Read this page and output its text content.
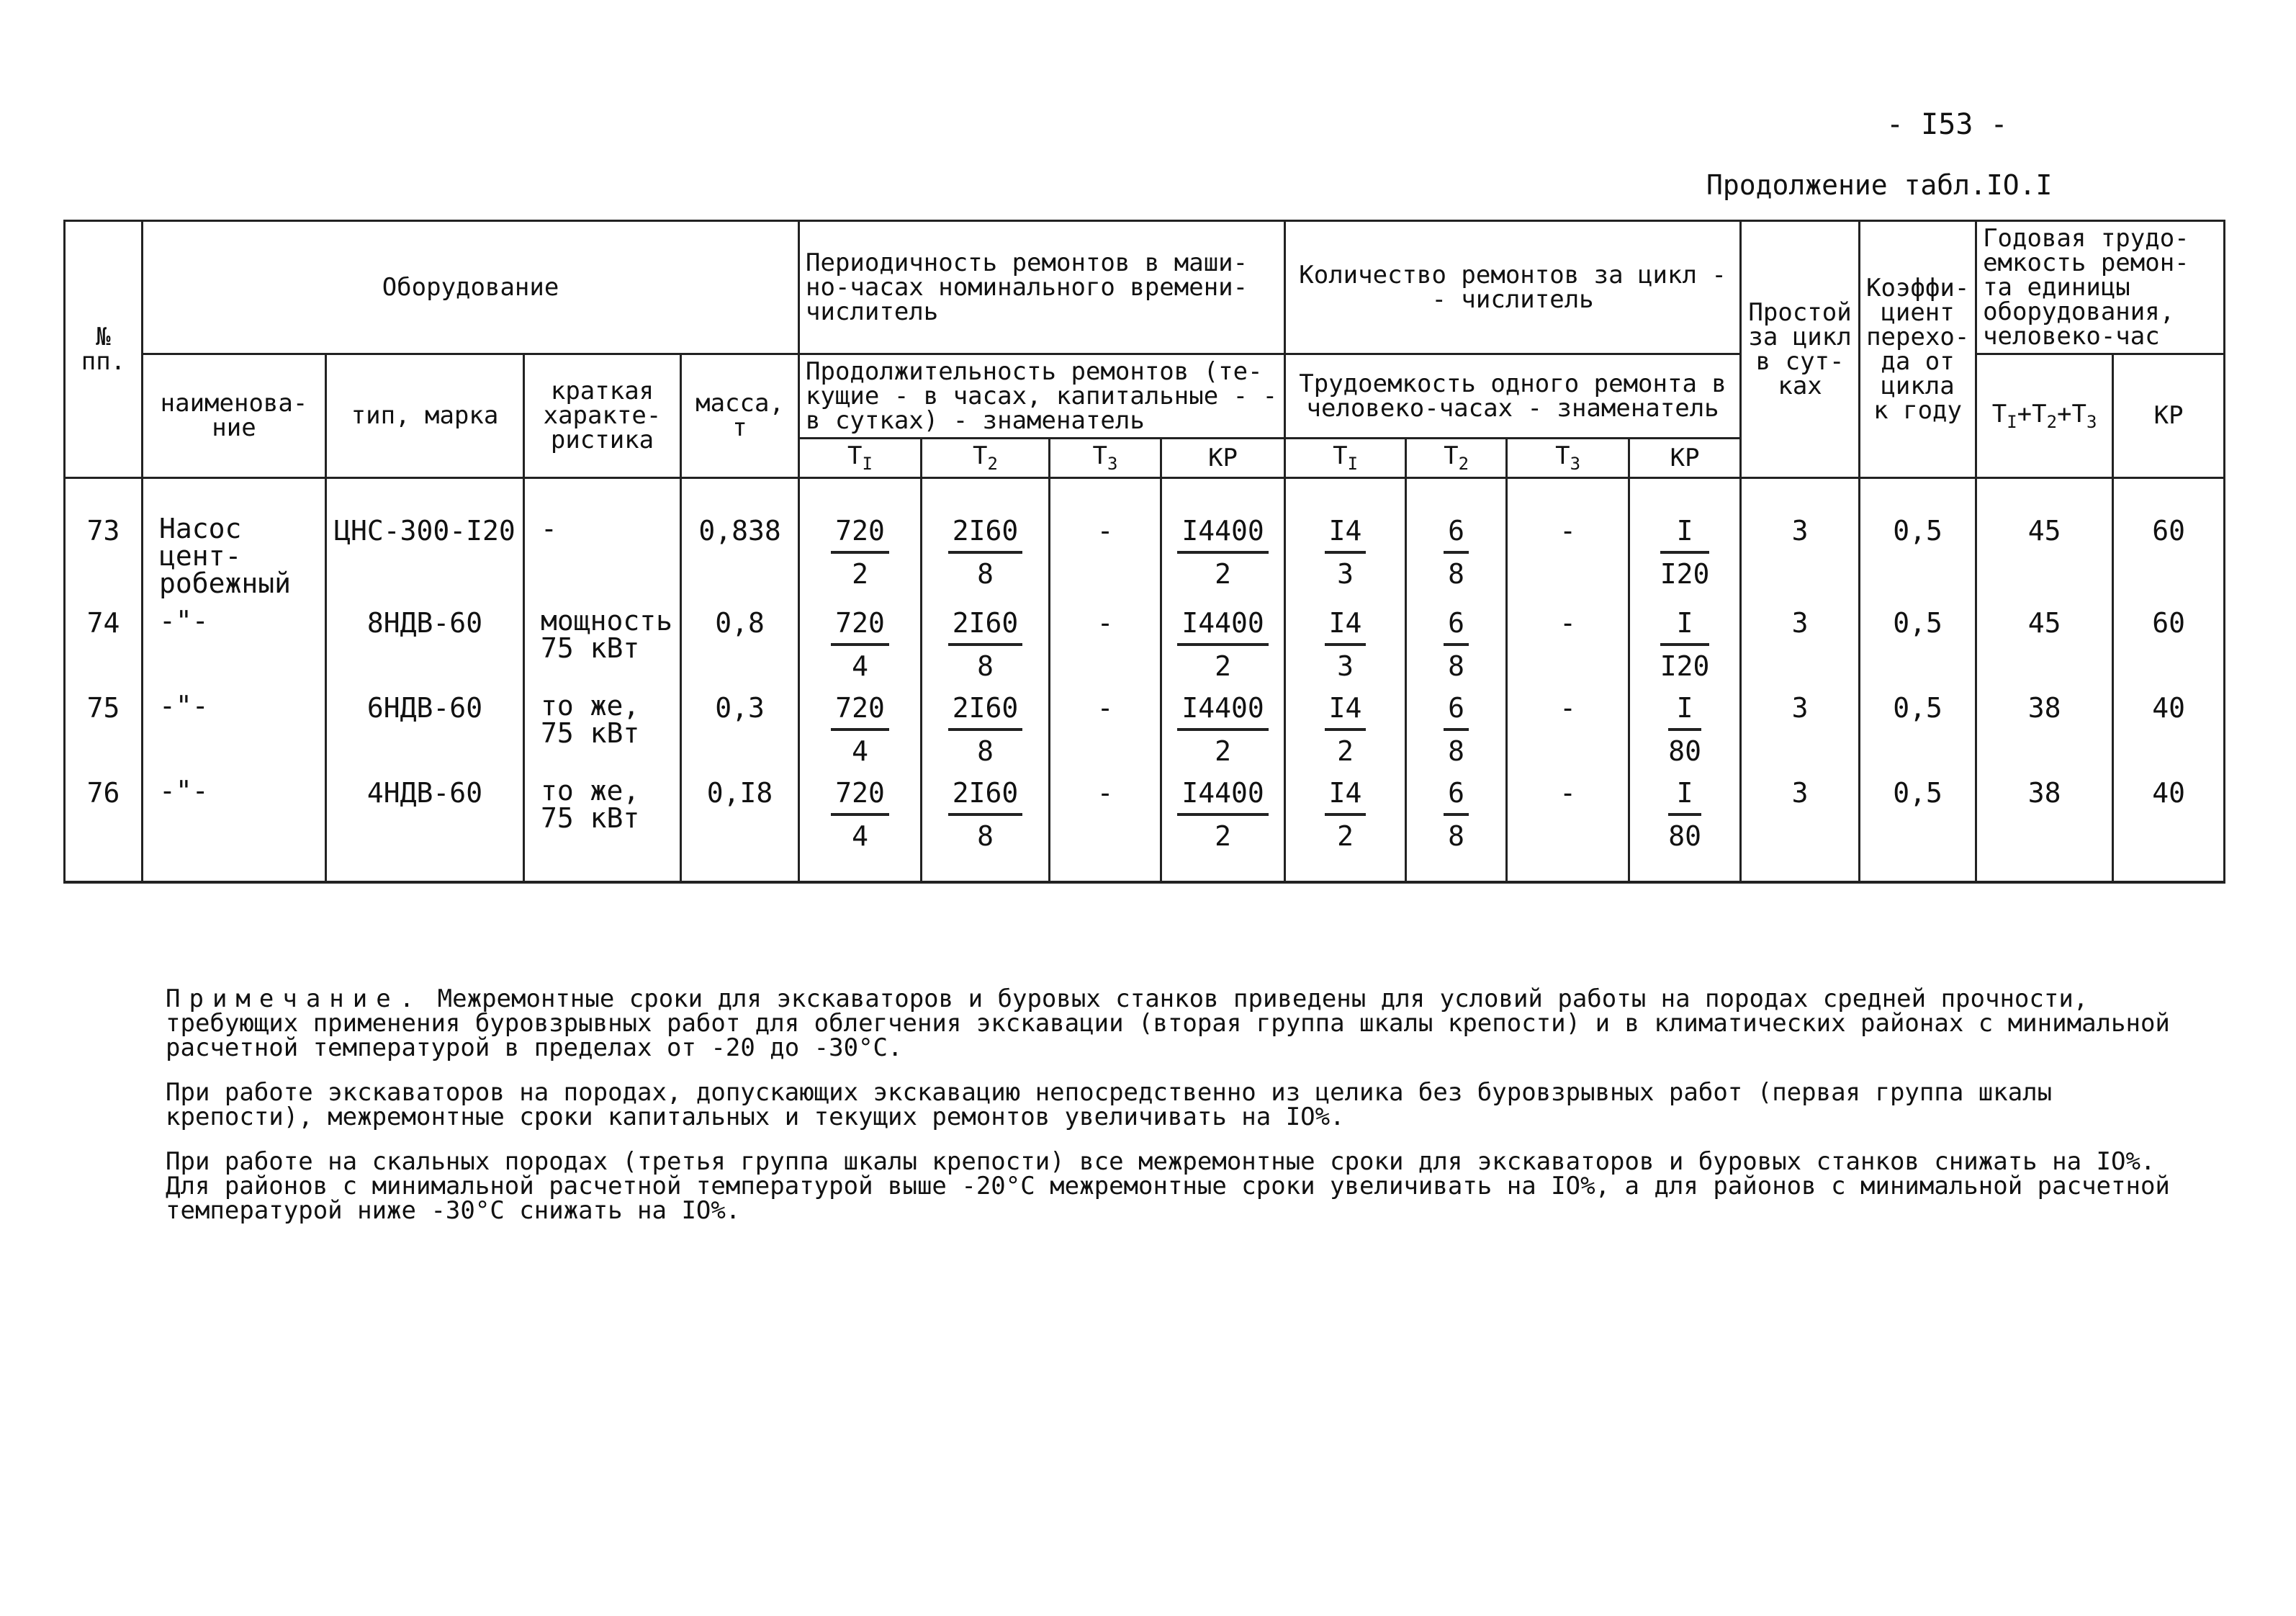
- I53 -
Продолжение табл.IO.I
№ пп.	Оборудование				Периодичность ремонтов в маши-но-часах номинального времени-числитель				Количество ремонтов за цикл - - числитель				Простой за цикл в сут-ках	Коэффи-циент перехо-да от цикла к году	Годовая трудо-емкость ремон-та единицы оборудования, человеко-час	
	наименова-ние	тип, марка	краткая характе-ристика	масса, т	Продолжительность ремонтов (те-кущие - в часах, капитальные - - в сутках) - знаменатель				Трудоемкость одного ремонта в человеко-часах - знаменатель						$T_I+T_2+T_3$	КР
					$T_I$	$T_2$	$T_3$	КР	$T_I$	$T_2$	$T_3$	КР				
73	Насос цент-робежный	ЦНС-300-I20	-	0,838	$\frac{720}{2}$	$\frac{2I60}{8}$	-	$\frac{I4400}{2}$	$\frac{I4}{3}$	$\frac{6}{8}$	-	$\frac{I}{I20}$	3	0,5	45	60
74	-"-	8НДВ-60	мощность 75 кВт	0,8	$\frac{720}{4}$	$\frac{2I60}{8}$	-	$\frac{I4400}{2}$	$\frac{I4}{3}$	$\frac{6}{8}$	-	$\frac{I}{I20}$	3	0,5	45	60
75	-"-	6НДВ-60	то же, 75 кВт	0,3	$\frac{720}{4}$	$\frac{2I60}{8}$	-	$\frac{I4400}{2}$	$\frac{I4}{2}$	$\frac{6}{8}$	-	$\frac{I}{80}$	3	0,5	38	40
76	-"-	4НДВ-60	то же, 75 кВт	0,I8	$\frac{720}{4}$	$\frac{2I60}{8}$	-	$\frac{I4400}{2}$	$\frac{I4}{2}$	$\frac{6}{8}$	-	$\frac{I}{80}$	3	0,5	38	40

Примечание. Межремонтные сроки для экскаваторов и буровых станков приведены для условий работы на породах средней прочности, требующих применения буровзрывных работ для облегчения экскавации (вторая группа шкалы крепости) и в климатических районах с минимальной расчетной температурой в пределах от -20 до -30°С.

При работе экскаваторов на породах, допускающих экскавацию непосредственно из целика без буровзрывных работ (первая группа шкалы крепости), межремонтные сроки капитальных и текущих ремонтов увеличивать на IO%.

При работе на скальных породах (третья группа шкалы крепости) все межремонтные сроки для экскаваторов и буровых станков снижать на IO%.

Для районов с минимальной расчетной температурой выше -20°С межремонтные сроки увеличивать на IO%, а для районов с минимальной расчетной температурой ниже -30°С снижать на IO%.
